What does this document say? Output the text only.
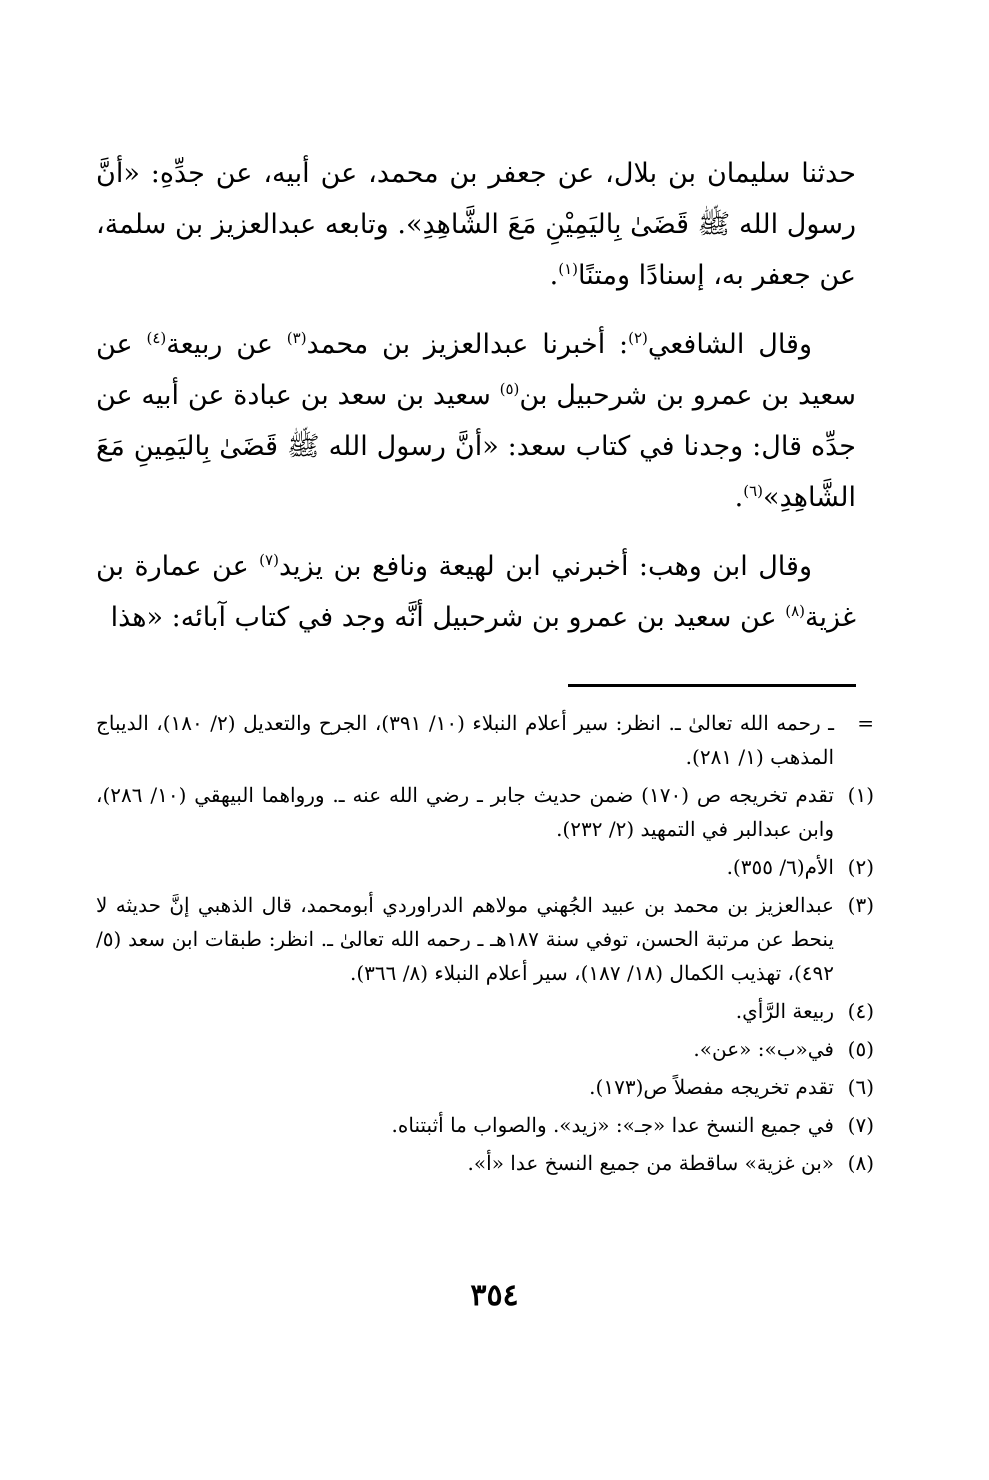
حدثنا سليمان بن بلال، عن جعفر بن محمد، عن أبيه، عن جدِّهِ: «أنَّ رسول الله ﷺ قَضَىٰ بِاليَمِيْنِ مَعَ الشَّاهِدِ». وتابعه عبدالعزيز بن سلمة، عن جعفر به، إسنادًا ومتنًا$^{(١)}$.

وقال الشافعي$^{(٢)}$: أخبرنا عبدالعزيز بن محمد$^{(٣)}$ عن ربيعة$^{(٤)}$ عن سعيد بن عمرو بن شرحبيل بن$^{(٥)}$ سعيد بن سعد بن عبادة عن أبيه عن جدِّه قال: وجدنا في كتاب سعد: «أنَّ رسول الله ﷺ قَضَىٰ بِاليَمِينِ مَعَ الشَّاهِدِ»$^{(٦)}$.

وقال ابن وهب: أخبرني ابن لهيعة ونافع بن يزيد$^{(٧)}$ عن عمارة بن غزية$^{(٨)}$ عن سعيد بن عمرو بن شرحبيل أنَّه وجد في كتاب آبائه: «هذا

=
ـ رحمه الله تعالىٰ ـ. انظر: سير أعلام النبلاء (١٠/ ٣٩١)، الجرح والتعديل (٢/ ١٨٠)، الديباج المذهب (١/ ٢٨١).
(١)
تقدم تخريجه ص (١٧٠) ضمن حديث جابر ـ رضي الله عنه ـ. ورواهما البيهقي (١٠/ ٢٨٦)، وابن عبدالبر في التمهيد (٢/ ٢٣٢).
(٢)
الأم(٦/ ٣٥٥).
(٣)
عبدالعزيز بن محمد بن عبيد الجُهني مولاهم الدراوردي أبومحمد، قال الذهبي إنَّ حديثه لا ينحط عن مرتبة الحسن، توفي سنة ١٨٧هـ ـ رحمه الله تعالىٰ ـ. انظر: طبقات ابن سعد (٥/ ٤٩٢)، تهذيب الكمال (١٨/ ١٨٧)، سير أعلام النبلاء (٨/ ٣٦٦).
(٤)
ربيعة الرَّأي.
(٥)
في«ب»: «عن».
(٦)
تقدم تخريجه مفصلاً ص(١٧٣).
(٧)
في جميع النسخ عدا «جـ»: «زيد». والصواب ما أثبتناه.
(٨)
«بن غزية» ساقطة من جميع النسخ عدا «أ».
٣٥٤
